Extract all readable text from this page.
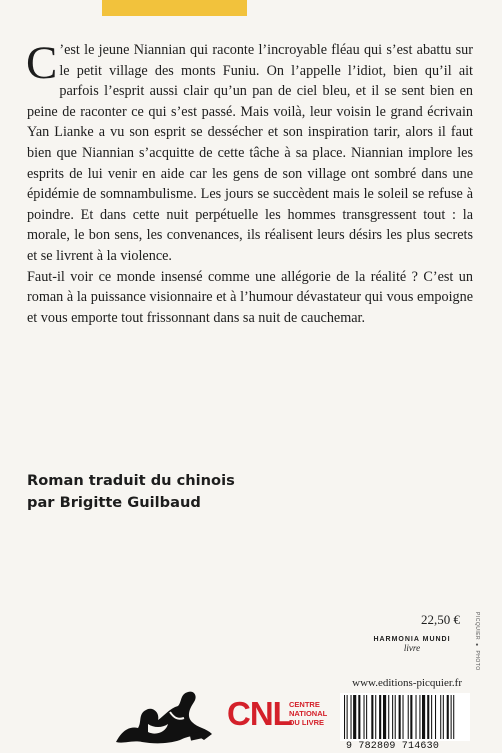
C ’est le jeune Niannian qui raconte l’incroyable fléau qui s’est abattu sur le petit village des monts Funiu. On l’appelle l’idiot, bien qu’il ait parfois l’esprit aussi clair qu’un pan de ciel bleu, et il se sent bien en peine de raconter ce qui s’est passé. Mais voilà, leur voisin le grand écrivain Yan Lianke a vu son esprit se dessécher et son inspiration tarir, alors il faut bien que Niannian s’acquitte de cette tâche à sa place. Niannian implore les esprits de lui venir en aide car les gens de son village ont sombré dans une épidémie de somnambulisme. Les jours se succèdent mais le soleil se refuse à poindre. Et dans cette nuit perpétuelle les hommes transgressent tout : la morale, le bon sens, les convenances, ils réalisent leurs désirs les plus secrets et se livrent à la violence.

Faut-il voir ce monde insensé comme une allégorie de la réalité ? C’est un roman à la puissance visionnaire et à l’humour dévastateur qui vous empoigne et vous emporte tout frissonnant dans sa nuit de cauchemar.

Roman traduit du chinois
par Brigitte Guilbaud
22,50 €
HARMONIA MUNDI
livre	PICQUIER ● PHOTO
www.editions-picquier.fr
CNL
CENTRE
NATIONAL
DU LIVRE
9 782809 714630
